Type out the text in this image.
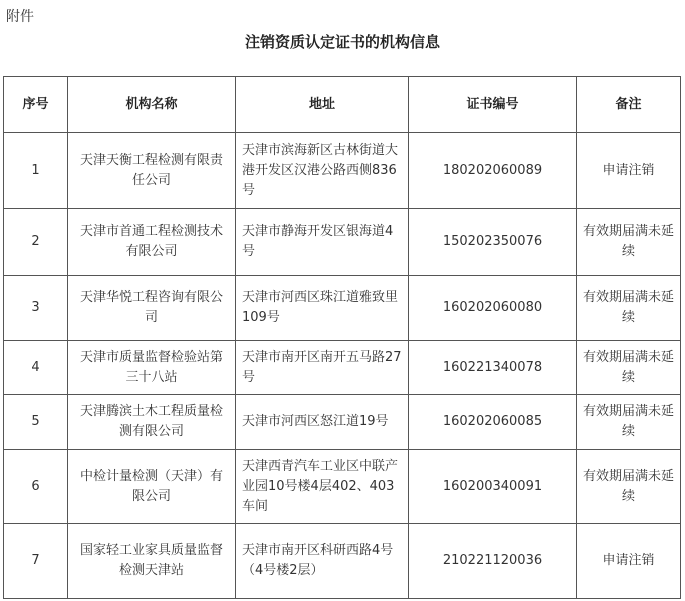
附件
注销资质认定证书的机构信息
序号	机构名称	地址	证书编号	备注
1	天津天衡工程检测有限责任公司	天津市滨海新区古林街道大港开发区汉港公路西侧836号	180202060089	申请注销
2	天津市首通工程检测技术有限公司	天津市静海开发区银海道4号	150202350076	有效期届满未延续
3	天津华悦工程咨询有限公司	天津市河西区珠江道雅致里109号	160202060080	有效期届满未延续
4	天津市质量监督检验站第三十八站	天津市南开区南开五马路27号	160221340078	有效期届满未延续
5	天津腾滨土木工程质量检测有限公司	天津市河西区怒江道19号	160202060085	有效期届满未延续
6	中检计量检测（天津）有限公司	天津西青汽车工业区中联产业园10号楼4层402、403车间	160200340091	有效期届满未延续
7	国家轻工业家具质量监督检测天津站	天津市南开区科研西路4号（4号楼2层）	210221120036	申请注销
